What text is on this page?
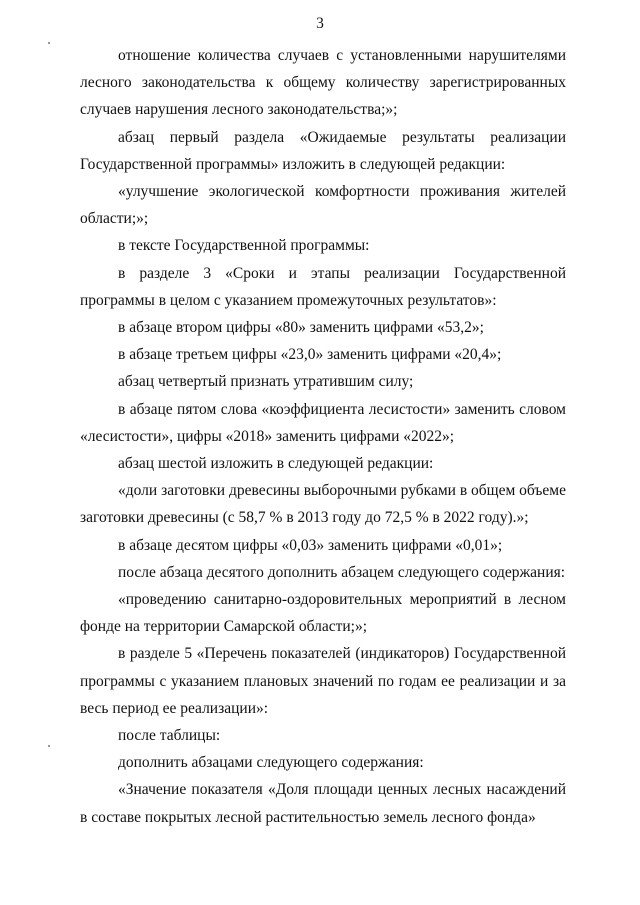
3

отношение количества случаев с установленными нарушителями лесного законодательства к общему количеству зарегистрированных случаев нарушения лесного законодательства;»;

абзац первый раздела «Ожидаемые результаты реализации Государственной программы» изложить в следующей редакции:

«улучшение экологической комфортности проживания жителей области;»;

в тексте Государственной программы:

в разделе 3 «Сроки и этапы реализации Государственной программы в целом с указанием промежуточных результатов»:

в абзаце втором цифры «80» заменить цифрами «53,2»;

в абзаце третьем цифры «23,0» заменить цифрами «20,4»;

абзац четвертый признать утратившим силу;

в абзаце пятом слова «коэффициента лесистости» заменить словом «лесистости», цифры «2018» заменить цифрами «2022»;

абзац шестой изложить в следующей редакции:

«доли заготовки древесины выборочными рубками в общем объеме заготовки древесины (с 58,7 % в 2013 году до 72,5 % в 2022 году).»;

в абзаце десятом цифры «0,03» заменить цифрами «0,01»;

после абзаца десятого дополнить абзацем следующего содержания:

«проведению санитарно-оздоровительных мероприятий в лесном фонде на территории Самарской области;»;

в разделе 5 «Перечень показателей (индикаторов) Государственной программы с указанием плановых значений по годам ее реализации и за весь период ее реализации»:

после таблицы:

дополнить абзацами следующего содержания:

«Значение показателя «Доля площади ценных лесных насаждений в составе покрытых лесной растительностью земель лесного фонда»
